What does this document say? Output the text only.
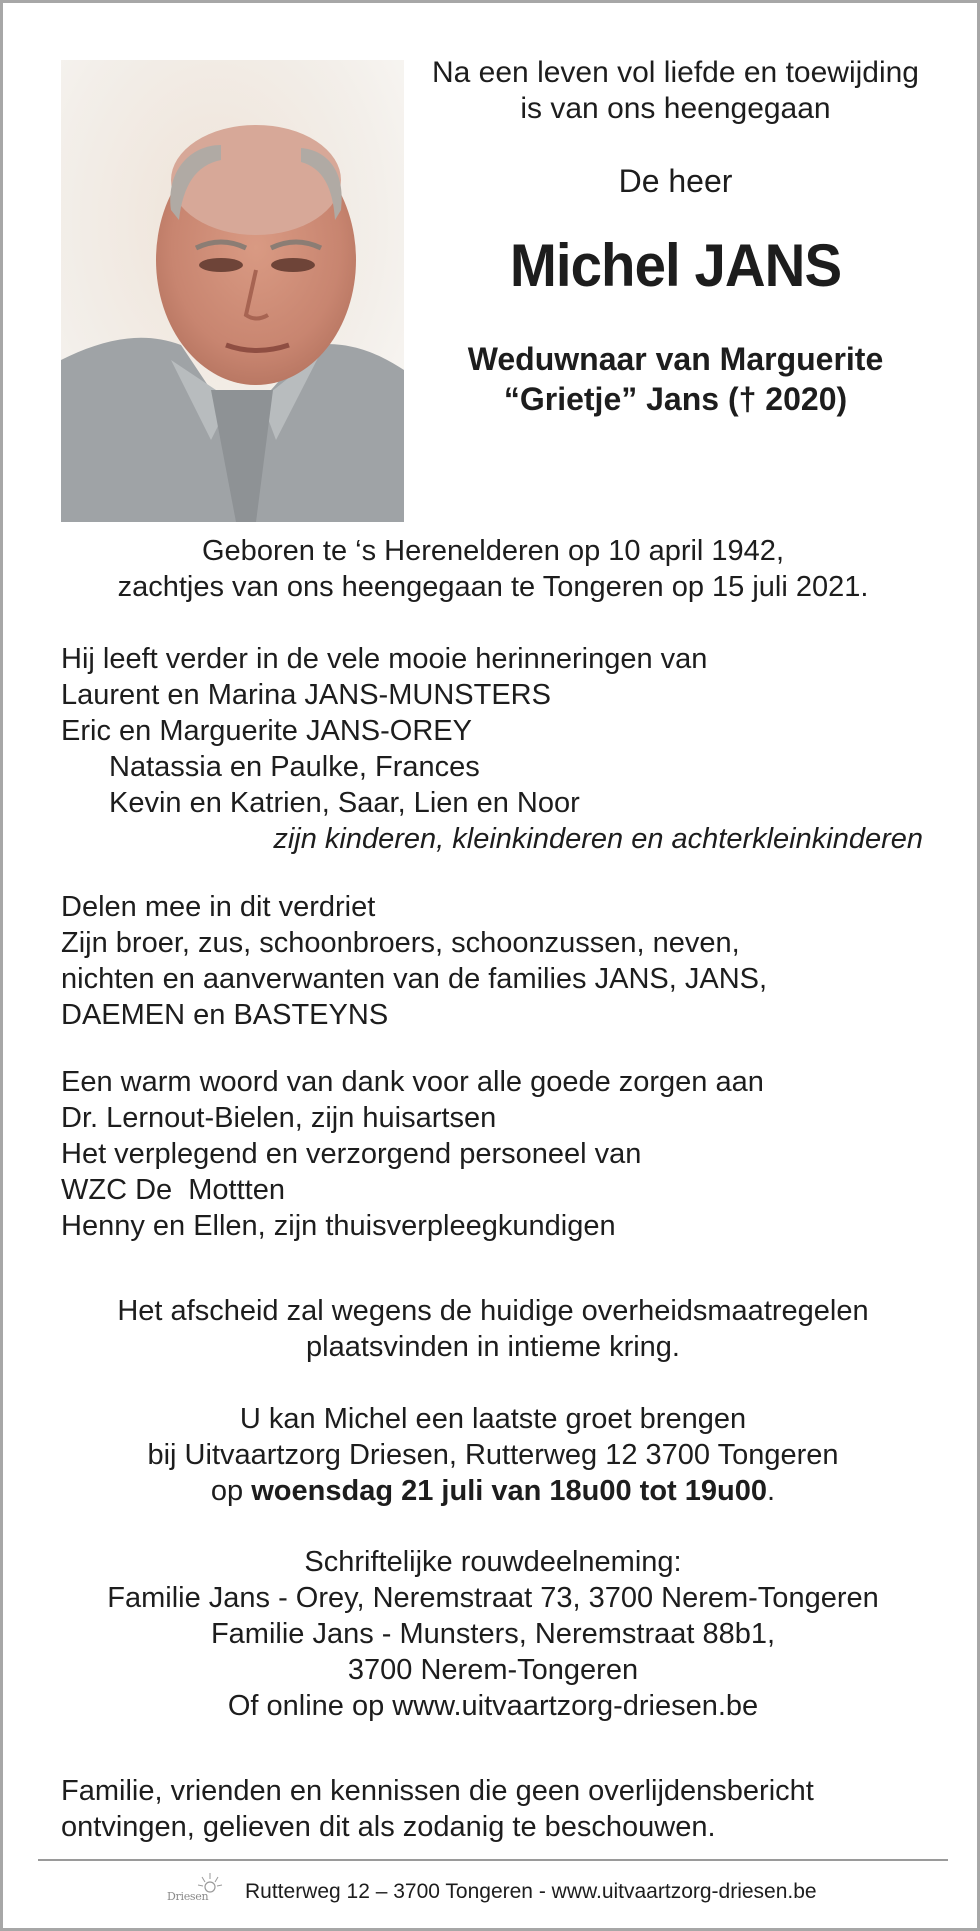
Na een leven vol liefde en toewijding
is van ons heengegaan
De heer
Michel JANS
Weduwnaar van Marguerite
“Grietje” Jans († 2020)
Geboren te ‘s Herenelderen op 10 april 1942,
zachtjes van ons heengegaan te Tongeren op 15 juli 2021.
Hij leeft verder in de vele mooie herinneringen van
Laurent en Marina JANS-MUNSTERS
Eric en Marguerite JANS-OREY
Natassia en Paulke, Frances
Kevin en Katrien, Saar, Lien en Noor
zijn kinderen, kleinkinderen en achterkleinkinderen
Delen mee in dit verdriet
Zijn broer, zus, schoonbroers, schoonzussen, neven,
nichten en aanverwanten van de families JANS, JANS,
DAEMEN en BASTEYNS
Een warm woord van dank voor alle goede zorgen aan
Dr. Lernout-Bielen, zijn huisartsen
Het verplegend en verzorgend personeel van
WZC De  Mottten
Henny en Ellen, zijn thuisverpleegkundigen
Het afscheid zal wegens de huidige overheidsmaatregelen
plaatsvinden in intieme kring.
U kan Michel een laatste groet brengen
bij Uitvaartzorg Driesen, Rutterweg 12 3700 Tongeren
op woensdag 21 juli van 18u00 tot 19u00.
Schriftelijke rouwdeelneming:
Familie Jans - Orey, Neremstraat 73, 3700 Nerem-Tongeren
Familie Jans - Munsters, Neremstraat 88b1,
3700 Nerem-Tongeren
Of online op www.uitvaartzorg-driesen.be
Familie, vrienden en kennissen die geen overlijdensbericht
ontvingen, gelieven dit als zodanig te beschouwen.
Driesen Rutterweg 12 – 3700 Tongeren - www.uitvaartzorg-driesen.be
